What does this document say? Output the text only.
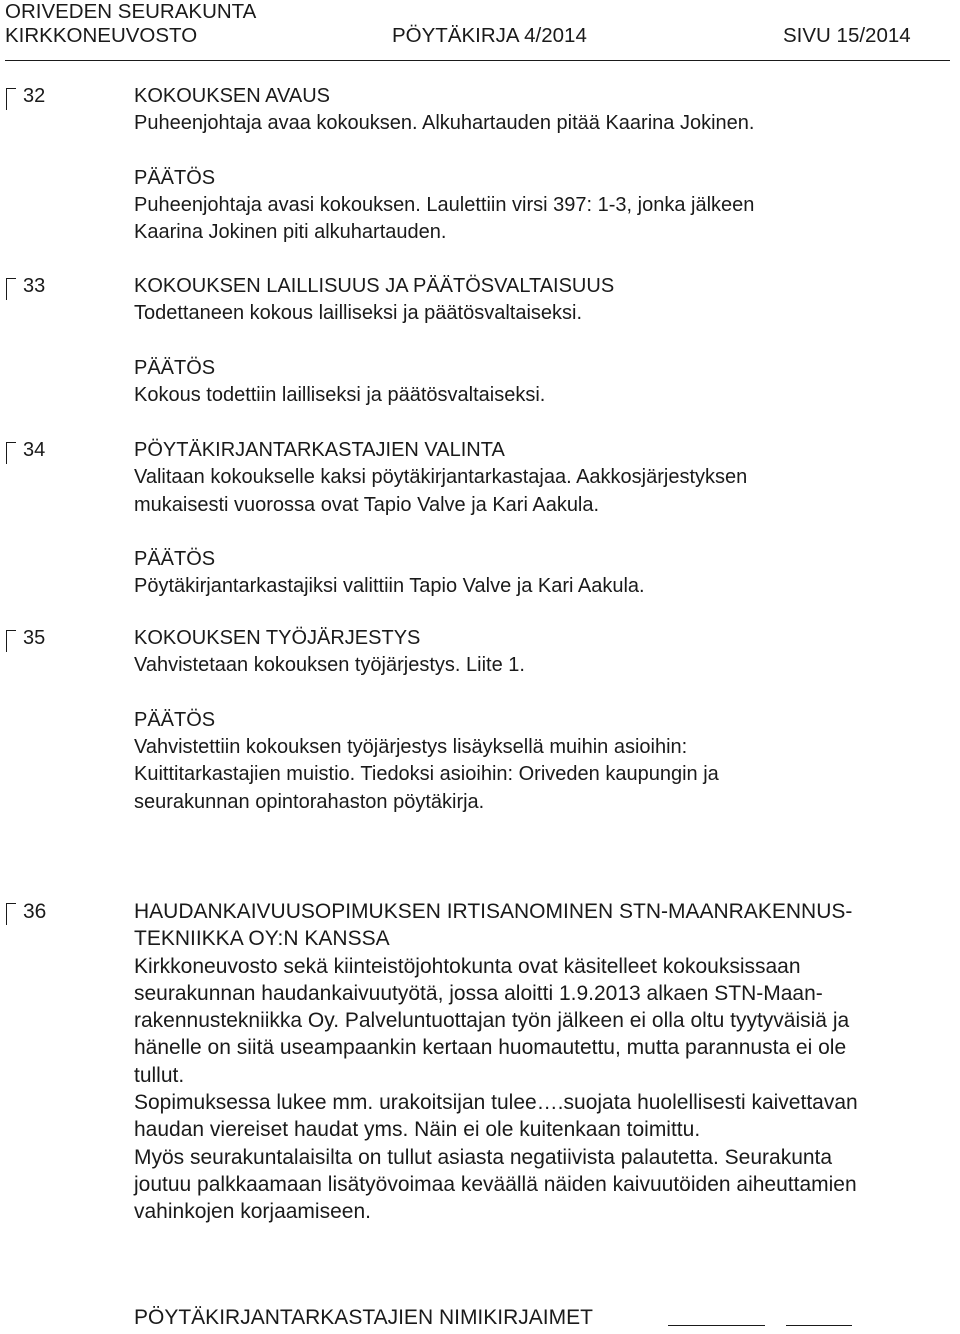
ORIVEDEN SEURAKUNTA
KIRKKONEUVOSTO	PÖYTÄKIRJA 4/2014	SIVU 15/2014
32	KOKOUKSEN AVAUS
Puheenjohtaja avaa kokouksen. Alkuhartauden pitää Kaarina Jokinen.
PÄÄTÖS
Puheenjohtaja avasi kokouksen. Laulettiin virsi 397: 1-3, jonka jälkeen
Kaarina Jokinen piti alkuhartauden.
33	KOKOUKSEN LAILLISUUS JA PÄÄTÖSVALTAISUUS
Todettaneen kokous lailliseksi ja päätösvaltaiseksi.
PÄÄTÖS
Kokous todettiin lailliseksi ja päätösvaltaiseksi.
34	PÖYTÄKIRJANTARKASTAJIEN VALINTA
Valitaan kokoukselle kaksi pöytäkirjantarkastajaa. Aakkosjärjestyksen
mukaisesti vuorossa ovat Tapio Valve ja Kari Aakula.
PÄÄTÖS
Pöytäkirjantarkastajiksi valittiin Tapio Valve ja Kari Aakula.
35	KOKOUKSEN TYÖJÄRJESTYS
Vahvistetaan kokouksen työjärjestys. Liite 1.
PÄÄTÖS
Vahvistettiin kokouksen työjärjestys lisäyksellä muihin asioihin:
Kuittitarkastajien muistio. Tiedoksi asioihin: Oriveden kaupungin ja
seurakunnan opintorahaston pöytäkirja.
36	HAUDANKAIVUUSOPIMUKSEN IRTISANOMINEN STN-MAANRAKENNUS-
TEKNIIKKA OY:N KANSSA
Kirkkoneuvosto sekä kiinteistöjohtokunta ovat käsitelleet kokouksissaan
seurakunnan haudankaivuutyötä, jossa aloitti 1.9.2013 alkaen STN-Maan-
rakennustekniikka Oy. Palveluntuottajan työn jälkeen ei olla oltu tyytyväisiä ja
hänelle on siitä useampaankin kertaan huomautettu, mutta parannusta ei ole
tullut.
Sopimuksessa lukee mm. urakoitsijan tulee….suojata huolellisesti kaivettavan
haudan viereiset haudat yms. Näin ei ole kuitenkaan toimittu.
Myös seurakuntalaisilta on tullut asiasta negatiivista palautetta. Seurakunta
joutuu palkkaamaan lisätyövoimaa keväällä näiden kaivuutöiden aiheuttamien
vahinkojen korjaamiseen.
PÖYTÄKIRJANTARKASTAJIEN NIMIKIRJAIMET
